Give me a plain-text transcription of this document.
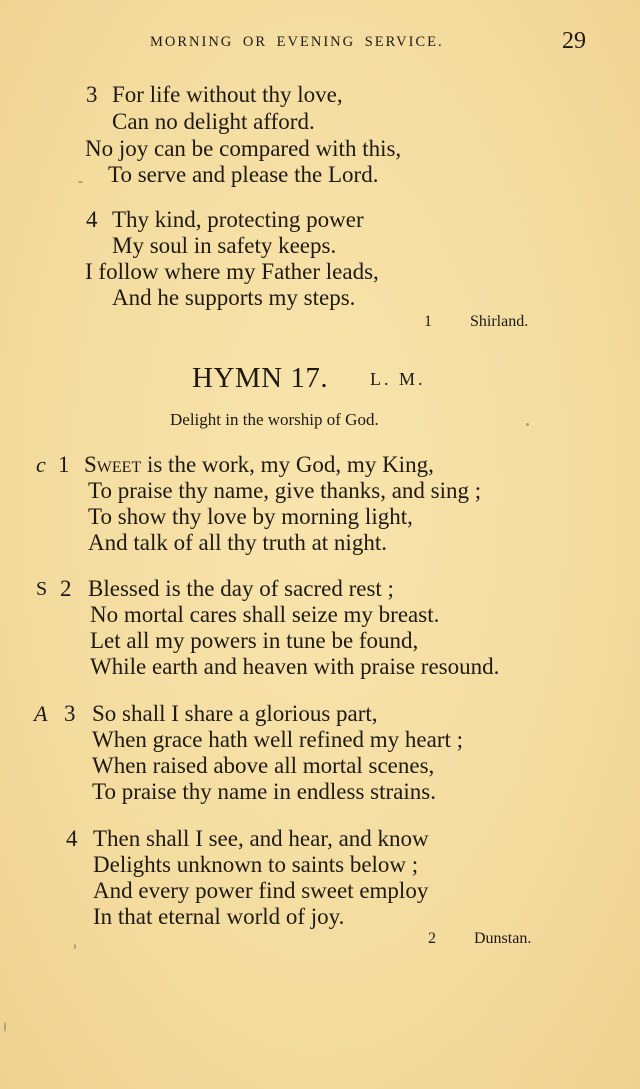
MORNING OR EVENING SERVICE.	29
3 For life without thy love,
Can no delight afford.
No joy can be compared with this,
To serve and please the Lord.
4 Thy kind, protecting power
My soul in safety keeps.
I follow where my Father leads,
And he supports my steps.
1 Shirland.
HYMN 17. L. M.
Delight in the worship of God.
c 1 Sweet is the work, my God, my King,
To praise thy name, give thanks, and sing ;
To show thy love by morning light,
And talk of all thy truth at night.
S 2 Blessed is the day of sacred rest ;
No mortal cares shall seize my breast.
Let all my powers in tune be found,
While earth and heaven with praise resound.
A 3 So shall I share a glorious part,
When grace hath well refined my heart ;
When raised above all mortal scenes,
To praise thy name in endless strains.
4 Then shall I see, and hear, and know
Delights unknown to saints below ;
And every power find sweet employ
In that eternal world of joy.
2 Dunstan.
